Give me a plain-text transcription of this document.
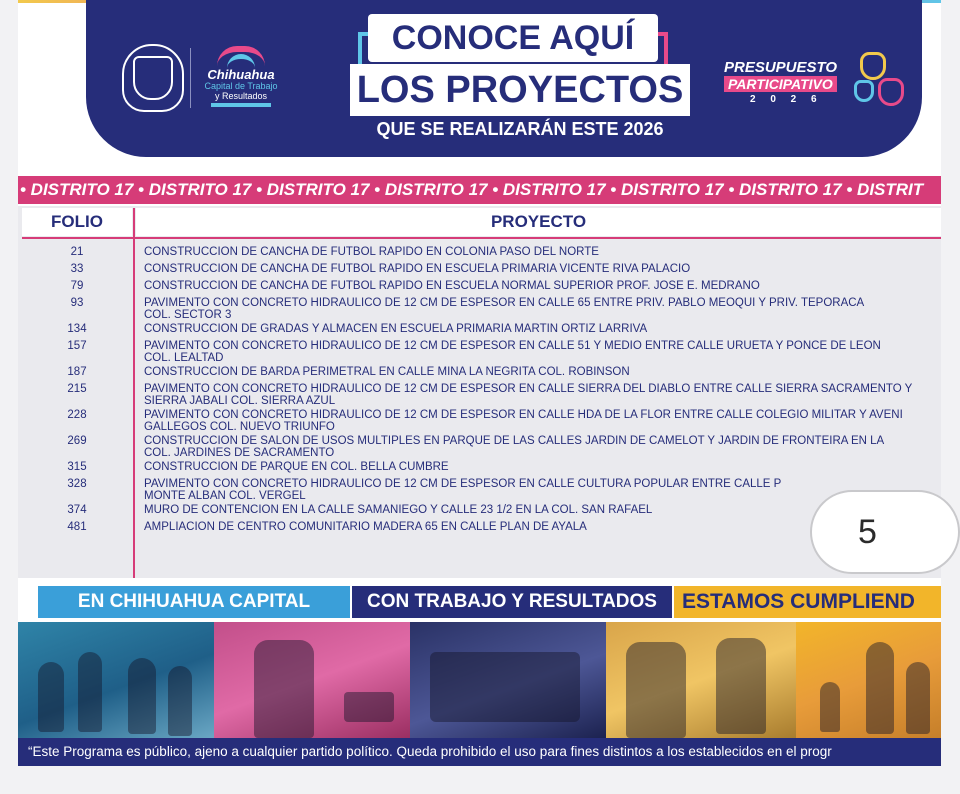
Chihuahua
Capital de Trabajo
y Resultados
CONOCE AQUÍ
LOS PROYECTOS
QUE SE REALIZARÁN ESTE 2026
PRESUPUESTO
PARTICIPATIVO
2 0 2 6
• DISTRITO 17 • DISTRITO 17 • DISTRITO 17 • DISTRITO 17 • DISTRITO 17 • DISTRITO 17 • DISTRITO 17 • DISTRIT
FOLIO	PROYECTO
21	CONSTRUCCIÓN DE CANCHA DE FUTBOL RÁPIDO EN COLONIA PASO DEL NORTE
33	CONSTRUCCIÓN DE CANCHA DE FUTBOL RÁPIDO EN ESCUELA PRIMARIA VICENTE RIVA PALACIO
79	CONSTRUCCIÓN DE CANCHA DE FÚTBOL RÁPIDO EN ESCUELA NORMAL SUPERIOR PROF. JOSE E. MEDRANO
93	PAVIMENTO CON CONCRETO HIDRAULICO DE 12 CM DE ESPESOR EN CALLE 65 ENTRE PRIV. PABLO MEOQUI Y PRIV. TEPORACA
COL. SECTOR 3
134	CONSTRUCCIÓN DE GRADAS Y ALMACÉN EN ESCUELA PRIMARIA MARTIN ORTIZ LARRIVA
157	PAVIMENTO CON CONCRETO HIDRÁULICO DE 12 CM DE ESPESOR EN CALLE 51 Y MEDIO ENTRE CALLE URUETA Y PONCE DE LEÓN
COL. LEALTAD
187	CONSTRUCCIÓN DE BARDA PERIMETRAL EN CALLE MINA LA NEGRITA COL. ROBINSON
215	PAVIMENTO CON CONCRETO HIDRÁULICO DE 12 CM DE ESPESOR EN CALLE SIERRA DEL DIABLO ENTRE CALLE SIERRA SACRAMENTO Y
SIERRA JABALI COL. SIERRA AZUL
228	PAVIMENTO CON CONCRETO HIDRÁULICO DE 12 CM DE ESPESOR EN CALLE HDA DE LA FLOR ENTRE CALLE COLEGIO MILITAR Y AVENI
GALLEGOS COL. NUEVO TRIUNFO
269	CONSTRUCCIÓN DE SALÓN DE USOS MÚLTIPLES EN PARQUE DE LAS CALLES JARDÍN DE CAMELOT Y JARDÍN DE FRONTEIRA EN LA
COL. JARDINES DE SACRAMENTO
315	CONSTRUCCIÓN DE PARQUE EN COL. BELLA CUMBRE
328	PAVIMENTO CON CONCRETO HIDRÁULICO DE 12 CM DE ESPESOR EN CALLE CULTURA POPULAR ENTRE CALLE P
MONTE ALBAN COL. VERGEL
374	MURO DE CONTENCIÓN EN LA CALLE SAMANIEGO Y CALLE 23 1/2 EN LA COL. SAN RAFAEL
481	AMPLIACIÓN DE CENTRO COMUNITARIO MADERA 65 EN CALLE PLAN DE AYALA
EN CHIHUAHUA CAPITAL	CON TRABAJO Y RESULTADOS	ESTAMOS CUMPLIEND
“Este Programa es público, ajeno a cualquier partido político. Queda prohibido el uso para fines distintos a los establecidos en el progr
5
